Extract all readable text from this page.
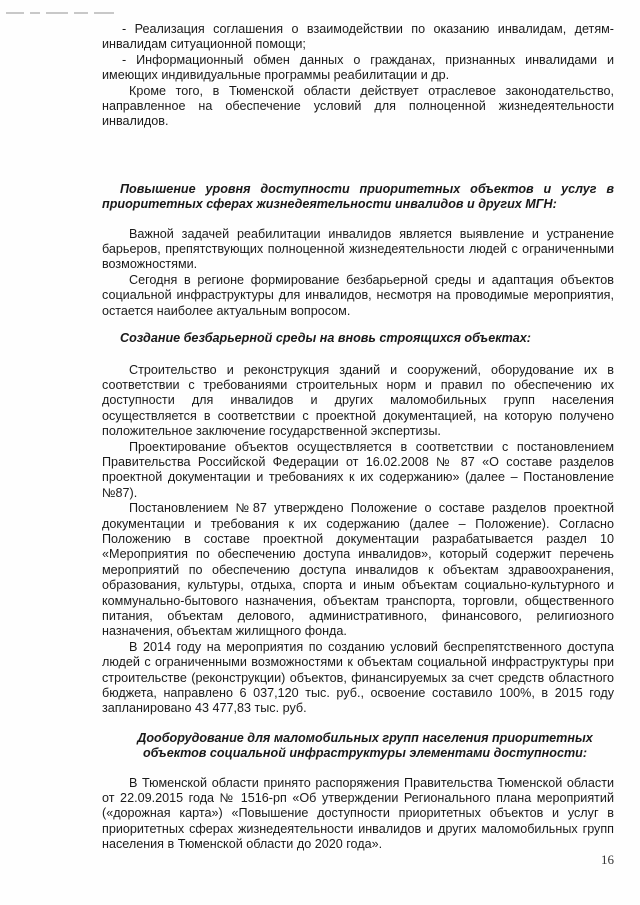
- Реализация соглашения о взаимодействии по оказанию инвалидам, детям-инвалидам ситуационной помощи;

- Информационный обмен данных о гражданах, признанных инвалидами и имеющих индивидуальные программы реабилитации и др.

Кроме того, в Тюменской области действует отраслевое законодательство, направленное на обеспечение условий для полноценной жизнедеятельности инвалидов.

Повышение уровня доступности приоритетных объектов и услуг в приоритетных сферах жизнедеятельности инвалидов и других МГН:

Важной задачей реабилитации инвалидов является выявление и устранение барьеров, препятствующих полноценной жизнедеятельности людей с ограниченными возможностями.

Сегодня в регионе формирование безбарьерной среды и адаптация объектов социальной инфраструктуры для инвалидов, несмотря на проводимые мероприятия, остается наиболее актуальным вопросом.

Создание безбарьерной среды на вновь строящихся объектах:

Строительство и реконструкция зданий и сооружений, оборудование их в соответствии с требованиями строительных норм и правил по обеспечению их доступности для инвалидов и других маломобильных групп населения осуществляется в соответствии с проектной документацией, на которую получено положительное заключение государственной экспертизы.

Проектирование объектов осуществляется в соответствии с постановлением Правительства Российской Федерации от 16.02.2008 № 87 «О составе разделов проектной документации и требованиях к их содержанию» (далее – Постановление №87).

Постановлением №87 утверждено Положение о составе разделов проектной документации и требования к их содержанию (далее – Положение). Согласно Положению в составе проектной документации разрабатывается раздел 10 «Мероприятия по обеспечению доступа инвалидов», который содержит перечень мероприятий по обеспечению доступа инвалидов к объектам здравоохранения, образования, культуры, отдыха, спорта и иным объектам социально-культурного и коммунально-бытового назначения, объектам транспорта, торговли, общественного питания, объектам делового, административного, финансового, религиозного назначения, объектам жилищного фонда.

В 2014 году на мероприятия по созданию условий беспрепятственного доступа людей с ограниченными возможностями к объектам социальной инфраструктуры при строительстве (реконструкции) объектов, финансируемых за счет средств областного бюджета, направлено 6 037,120 тыс. руб., освоение составило 100%, в 2015 году запланировано 43 477,83 тыс. руб.

Дооборудование для маломобильных групп населения приоритетных объектов социальной инфраструктуры элементами доступности:

В Тюменской области принято распоряжения Правительства Тюменской области от 22.09.2015 года № 1516-рп «Об утверждении Регионального плана мероприятий («дорожная карта») «Повышение доступности приоритетных объектов и услуг в приоритетных сферах жизнедеятельности инвалидов и других маломобильных групп населения в Тюменской области до 2020 года».

16
